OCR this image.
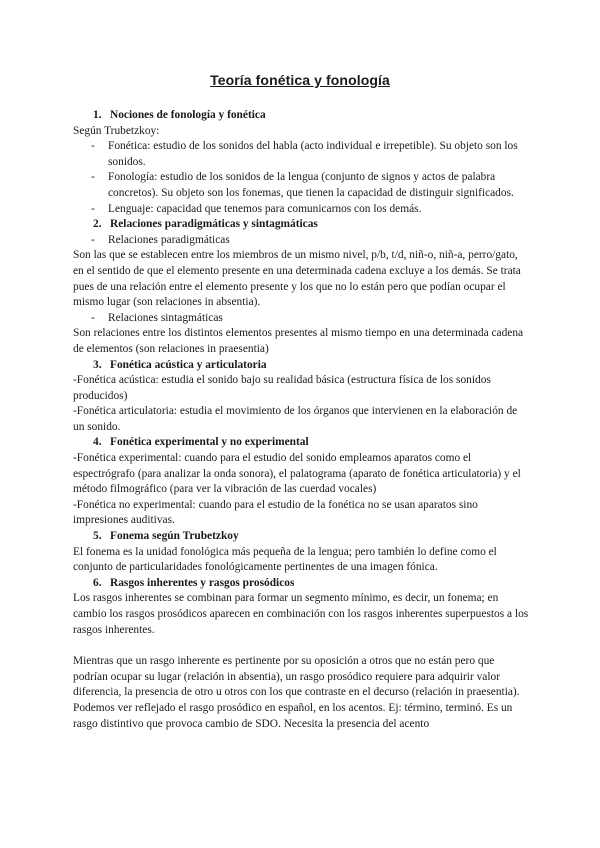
Teoría fonética y fonología
1. Nociones de fonología y fonética

Según Trubetzkoy:

-	Fonética: estudio de los sonidos del habla (acto individual e irrepetible). Su objeto son los sonidos.
-	Fonología: estudio de los sonidos de la lengua (conjunto de signos y actos de palabra concretos). Su objeto son los fonemas, que tienen la capacidad de distinguir significados.
-	Lenguaje: capacidad que tenemos para comunicarnos con los demás.
2. Relaciones paradigmáticas y sintagmáticas
-	Relaciones paradigmáticas

Son las que se establecen entre los miembros de un mismo nivel, p/b, t/d, niñ-o, niñ-a, perro/gato, en el sentido de que el elemento presente en una determinada cadena excluye a los demás. Se trata pues de una relación entre el elemento presente y los que no lo están pero que podían ocupar el mismo lugar (son relaciones in absentia).

-	Relaciones sintagmáticas

Son relaciones entre los distintos elementos presentes al mismo tiempo en una determinada cadena de elementos (son relaciones in praesentia)

3. Fonética acústica y articulatoria

-Fonética acústica: estudia el sonido bajo su realidad básica (estructura física de los sonidos producidos)

-Fonética articulatoria: estudia el movimiento de los órganos que intervienen en la elaboración de un sonido.

4. Fonética experimental y no experimental

-Fonética experimental: cuando para el estudio del sonido empleamos aparatos como el espectrógrafo (para analizar la onda sonora), el palatograma (aparato de fonética articulatoria) y el método filmográfico (para ver la vibración de las cuerdad vocales)

-Fonética no experimental: cuando para el estudio de la fonética no se usan aparatos sino impresiones auditivas.

5. Fonema según Trubetzkoy

El fonema es la unidad fonológica más pequeña de la lengua; pero también lo define como el conjunto de particularidades fonológicamente pertinentes de una imagen fónica.

6. Rasgos inherentes y rasgos prosódicos

Los rasgos inherentes se combinan para formar un segmento mínimo, es decir, un fonema; en cambio los rasgos prosódicos aparecen en combinación con los rasgos inherentes superpuestos a los rasgos inherentes.

Mientras que un rasgo inherente es pertinente por su oposición a otros que no están pero que podrían ocupar su lugar (relación in absentia), un rasgo prosódico requiere para adquirir valor diferencia, la presencia de otro u otros con los que contraste en el decurso (relación in praesentia). Podemos ver reflejado el rasgo prosódico en español, en los acentos. Ej: término, terminó. Es un rasgo distintivo que provoca cambio de SDO. Necesita la presencia del acento
